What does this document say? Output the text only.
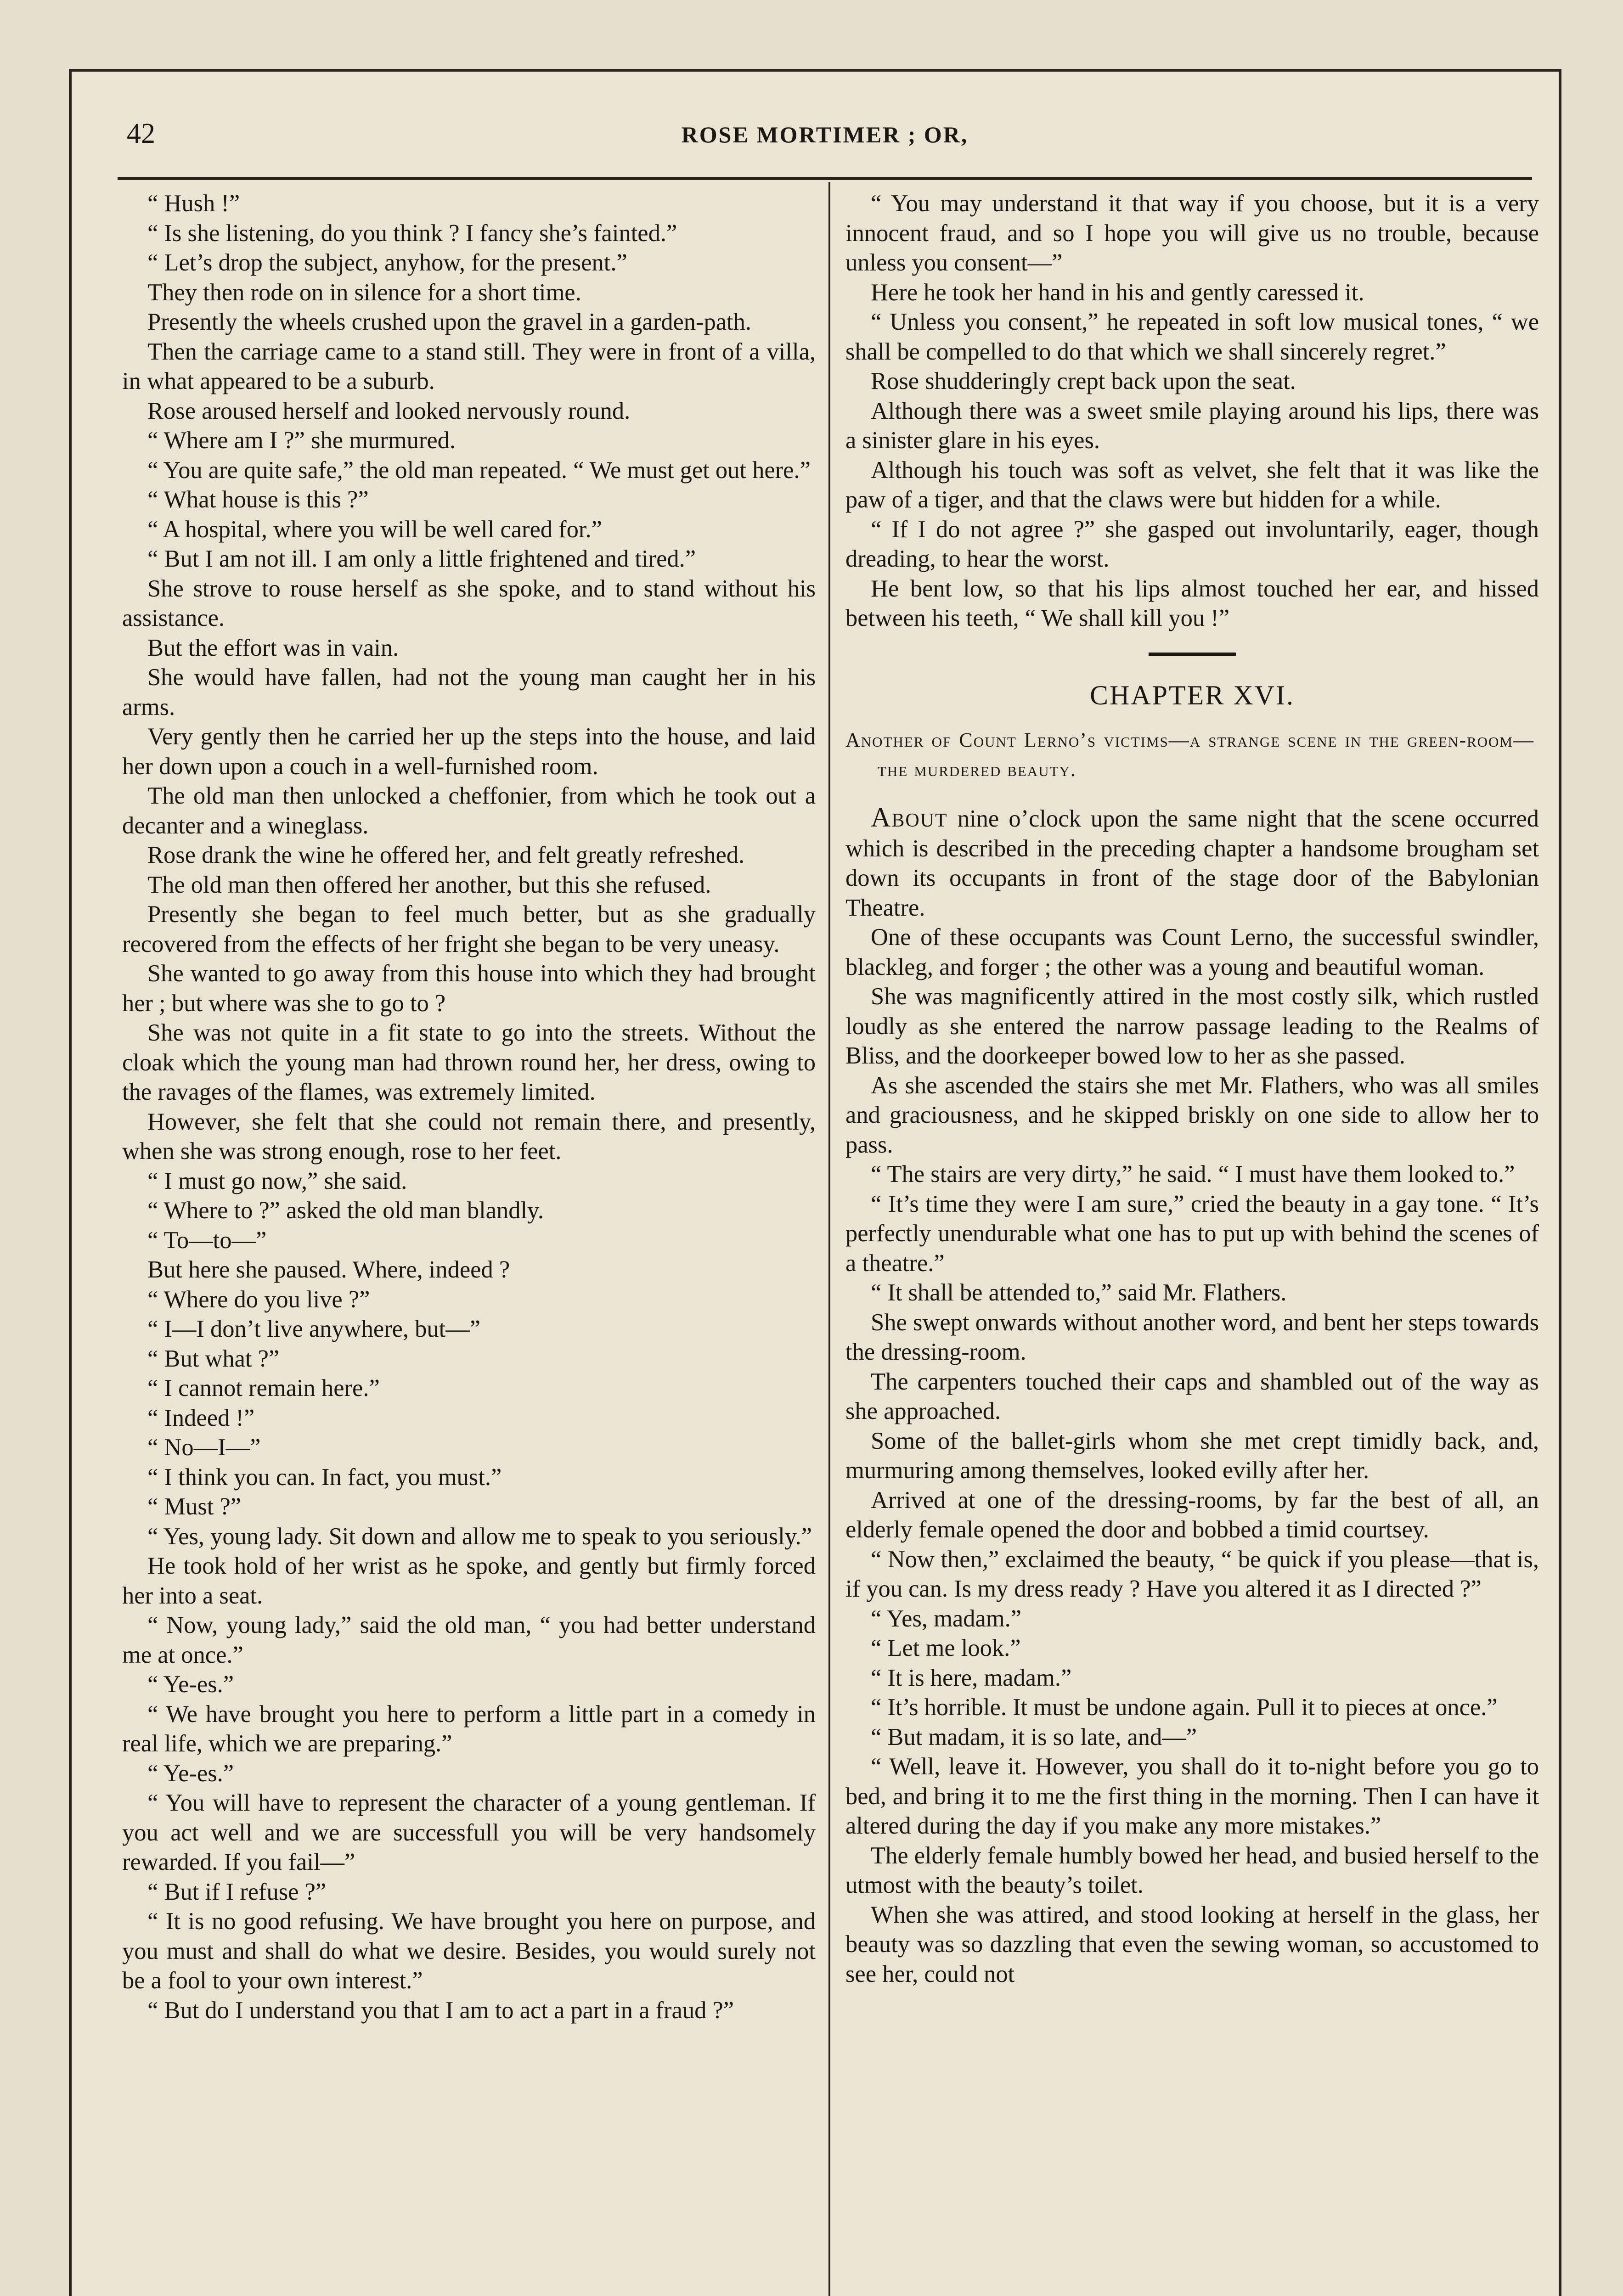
42	ROSE MORTIMER ; OR,

“ Hush !”

“ Is she listening, do you think ? I fancy she’s fainted.”

“ Let’s drop the subject, anyhow, for the present.”

They then rode on in silence for a short time.

Presently the wheels crushed upon the gravel in a garden-path.

Then the carriage came to a stand still. They were in front of a villa, in what appeared to be a suburb.

Rose aroused herself and looked nervously round.

“ Where am I ?” she murmured.

“ You are quite safe,” the old man repeated. “ We must get out here.”

“ What house is this ?”

“ A hospital, where you will be well cared for.”

“ But I am not ill. I am only a little frightened and tired.”

She strove to rouse herself as she spoke, and to stand without his assistance.

But the effort was in vain.

She would have fallen, had not the young man caught her in his arms.

Very gently then he carried her up the steps into the house, and laid her down upon a couch in a well-furnished room.

The old man then unlocked a cheffonier, from which he took out a decanter and a wineglass.

Rose drank the wine he offered her, and felt greatly refreshed.

The old man then offered her another, but this she refused.

Presently she began to feel much better, but as she gradually recovered from the effects of her fright she began to be very uneasy.

She wanted to go away from this house into which they had brought her ; but where was she to go to ?

She was not quite in a fit state to go into the streets. Without the cloak which the young man had thrown round her, her dress, owing to the ravages of the flames, was extremely limited.

However, she felt that she could not remain there, and presently, when she was strong enough, rose to her feet.

“ I must go now,” she said.

“ Where to ?” asked the old man blandly.

“ To—to—”

But here she paused. Where, indeed ?

“ Where do you live ?”

“ I—I don’t live anywhere, but—”

“ But what ?”

“ I cannot remain here.”

“ Indeed !”

“ No—I—”

“ I think you can. In fact, you must.”

“ Must ?”

“ Yes, young lady. Sit down and allow me to speak to you seriously.”

He took hold of her wrist as he spoke, and gently but firmly forced her into a seat.

“ Now, young lady,” said the old man, “ you had better understand me at once.”

“ Ye-es.”

“ We have brought you here to perform a little part in a comedy in real life, which we are preparing.”

“ Ye-es.”

“ You will have to represent the character of a young gentleman. If you act well and we are successfull you will be very handsomely rewarded. If you fail—”

“ But if I refuse ?”

“ It is no good refusing. We have brought you here on purpose, and you must and shall do what we desire. Besides, you would surely not be a fool to your own interest.”

“ But do I understand you that I am to act a part in a fraud ?”

“ You may understand it that way if you choose, but it is a very innocent fraud, and so I hope you will give us no trouble, because unless you consent—”

Here he took her hand in his and gently caressed it.

“ Unless you consent,” he repeated in soft low musical tones, “ we shall be compelled to do that which we shall sincerely regret.”

Rose shudderingly crept back upon the seat.

Although there was a sweet smile playing around his lips, there was a sinister glare in his eyes.

Although his touch was soft as velvet, she felt that it was like the paw of a tiger, and that the claws were but hidden for a while.

“ If I do not agree ?” she gasped out involuntarily, eager, though dreading, to hear the worst.

He bent low, so that his lips almost touched her ear, and hissed between his teeth, “ We shall kill you !”

CHAPTER XVI.
Another of Count Lerno’s victims—a strange scene in the green-room—the murdered beauty.

About nine o’clock upon the same night that the scene occurred which is described in the preceding chapter a handsome brougham set down its occupants in front of the stage door of the Babylonian Theatre.

One of these occupants was Count Lerno, the successful swindler, blackleg, and forger ; the other was a young and beautiful woman.

She was magnificently attired in the most costly silk, which rustled loudly as she entered the narrow passage leading to the Realms of Bliss, and the doorkeeper bowed low to her as she passed.

As she ascended the stairs she met Mr. Flathers, who was all smiles and graciousness, and he skipped briskly on one side to allow her to pass.

“ The stairs are very dirty,” he said. “ I must have them looked to.”

“ It’s time they were I am sure,” cried the beauty in a gay tone. “ It’s perfectly unendurable what one has to put up with behind the scenes of a theatre.”

“ It shall be attended to,” said Mr. Flathers.

She swept onwards without another word, and bent her steps towards the dressing-room.

The carpenters touched their caps and shambled out of the way as she approached.

Some of the ballet-girls whom she met crept timidly back, and, murmuring among themselves, looked evilly after her.

Arrived at one of the dressing-rooms, by far the best of all, an elderly female opened the door and bobbed a timid courtsey.

“ Now then,” exclaimed the beauty, “ be quick if you please—that is, if you can. Is my dress ready ? Have you altered it as I directed ?”

“ Yes, madam.”

“ Let me look.”

“ It is here, madam.”

“ It’s horrible. It must be undone again. Pull it to pieces at once.”

“ But madam, it is so late, and—”

“ Well, leave it. However, you shall do it to-night before you go to bed, and bring it to me the first thing in the morning. Then I can have it altered during the day if you make any more mistakes.”

The elderly female humbly bowed her head, and busied herself to the utmost with the beauty’s toilet.

When she was attired, and stood looking at herself in the glass, her beauty was so dazzling that even the sewing woman, so accustomed to see her, could not
